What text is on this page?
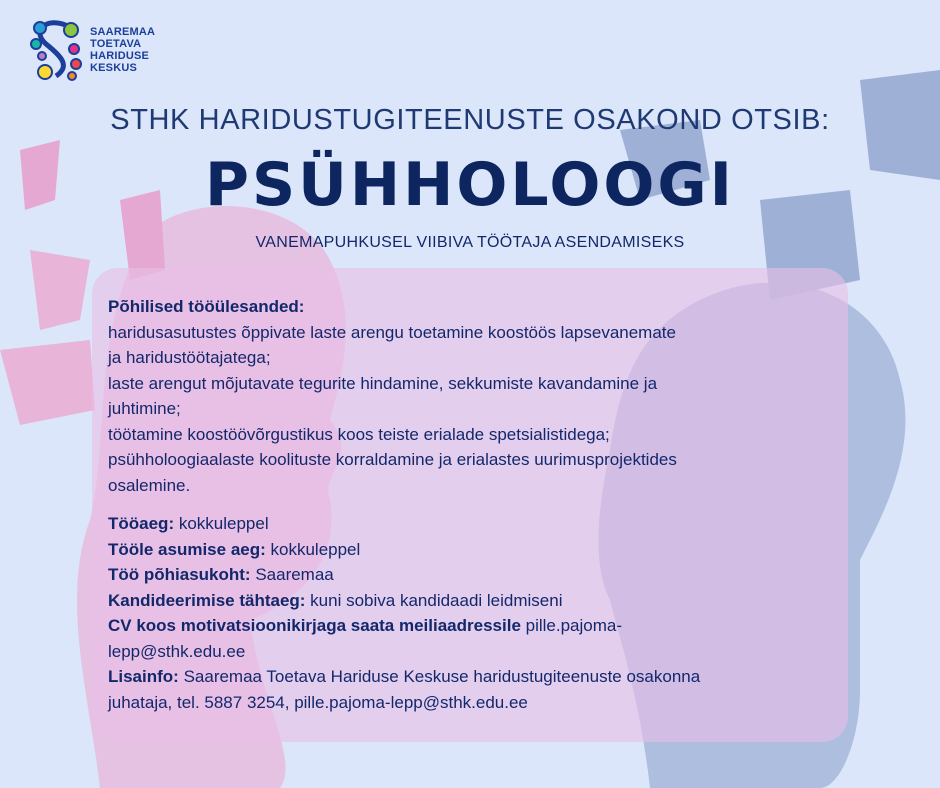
SAAREMAA
TOETAVA
HARIDUSE
KESKUS
STHK HARIDUSTUGITEENUSTE OSAKOND OTSIB:
PSÜHHOLOOGI
VANEMAPUHKUSEL VIIBIVA TÖÖTAJA ASENDAMISEKS
Põhilised tööülesanded:
haridusasutustes õppivate laste arengu toetamine koostöös lapsevanemate
ja haridustöötajatega;
laste arengut mõjutavate tegurite hindamine, sekkumiste kavandamine ja
juhtimine;
töötamine koostöövõrgustikus koos teiste erialade spetsialistidega;
psühholoogiaalaste koolituste korraldamine ja erialastes uurimusprojektides
osalemine.
Tööaeg: kokkuleppel
Tööle asumise aeg: kokkuleppel
Töö põhiasukoht: Saaremaa
Kandideerimise tähtaeg: kuni sobiva kandidaadi leidmiseni
CV koos motivatsioonikirjaga saata meiliaadressile pille.pajoma-
lepp@sthk.edu.ee
Lisainfo: Saaremaa Toetava Hariduse Keskuse haridustugiteenuste osakonna
juhataja, tel. 5887 3254, pille.pajoma-lepp@sthk.edu.ee
